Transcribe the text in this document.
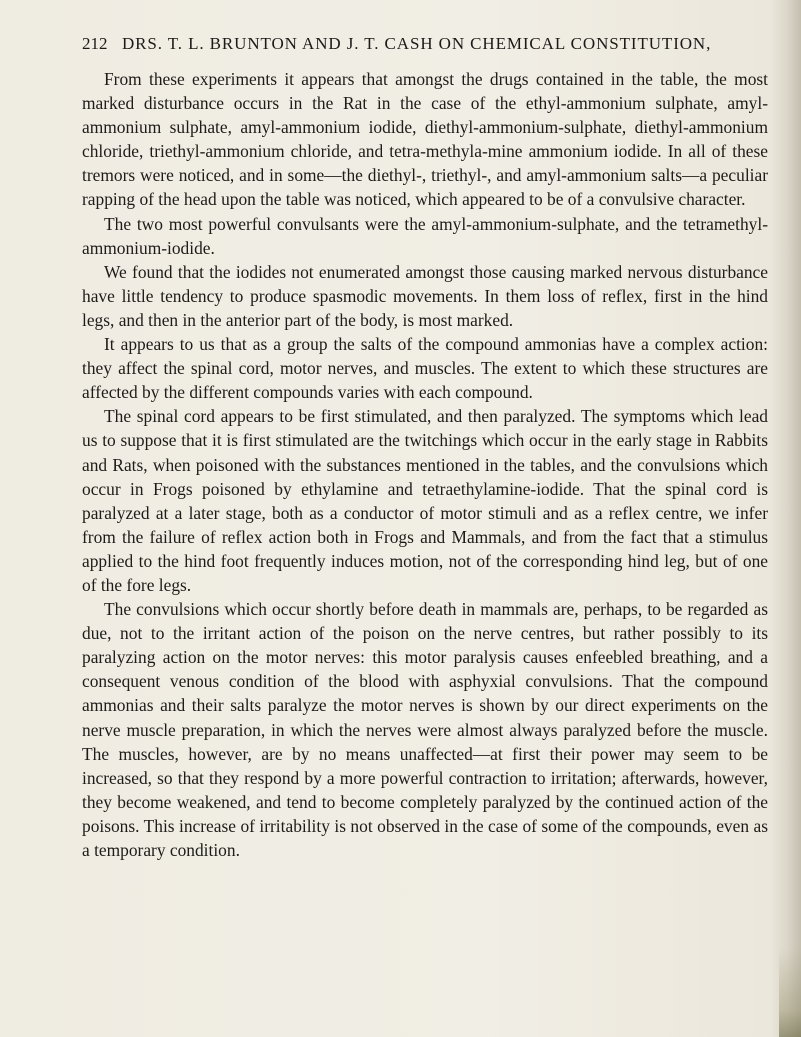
212 DRS. T. L. BRUNTON AND J. T. CASH ON CHEMICAL CONSTITUTION,

From these experiments it appears that amongst the drugs contained in the table, the most marked disturbance occurs in the Rat in the case of the ethyl-ammonium sulphate, amyl-ammonium sulphate, amyl-ammonium iodide, diethyl-ammonium-sulphate, diethyl-ammonium chloride, triethyl-ammonium chloride, and tetra-methyla-mine ammonium iodide. In all of these tremors were noticed, and in some—the diethyl-, triethyl-, and amyl-ammonium salts—a peculiar rapping of the head upon the table was noticed, which appeared to be of a convulsive character.

The two most powerful convulsants were the amyl-ammonium-sulphate, and the tetramethyl-ammonium-iodide.

We found that the iodides not enumerated amongst those causing marked nervous disturbance have little tendency to produce spasmodic movements. In them loss of reflex, first in the hind legs, and then in the anterior part of the body, is most marked.

It appears to us that as a group the salts of the compound ammonias have a complex action: they affect the spinal cord, motor nerves, and muscles. The extent to which these structures are affected by the different compounds varies with each compound.

The spinal cord appears to be first stimulated, and then paralyzed. The symptoms which lead us to suppose that it is first stimulated are the twitchings which occur in the early stage in Rabbits and Rats, when poisoned with the substances mentioned in the tables, and the convulsions which occur in Frogs poisoned by ethylamine and tetraethylamine-iodide. That the spinal cord is paralyzed at a later stage, both as a conductor of motor stimuli and as a reflex centre, we infer from the failure of reflex action both in Frogs and Mammals, and from the fact that a stimulus applied to the hind foot frequently induces motion, not of the corresponding hind leg, but of one of the fore legs.

The convulsions which occur shortly before death in mammals are, perhaps, to be regarded as due, not to the irritant action of the poison on the nerve centres, but rather possibly to its paralyzing action on the motor nerves: this motor paralysis causes enfeebled breathing, and a consequent venous condition of the blood with asphyxial convulsions. That the compound ammonias and their salts paralyze the motor nerves is shown by our direct experiments on the nerve muscle preparation, in which the nerves were almost always paralyzed before the muscle. The muscles, however, are by no means unaffected—at first their power may seem to be increased, so that they respond by a more powerful contraction to irritation; afterwards, however, they become weakened, and tend to become completely paralyzed by the continued action of the poisons. This increase of irritability is not observed in the case of some of the compounds, even as a temporary condition.
